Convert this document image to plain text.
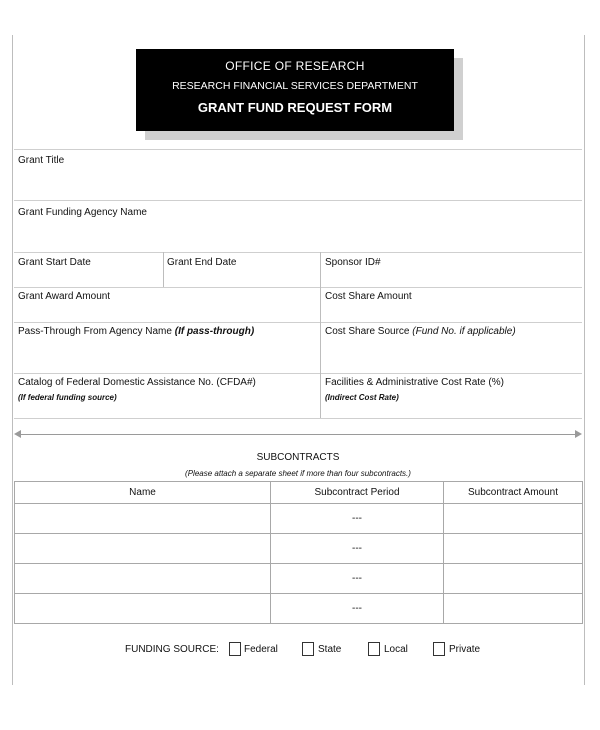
OFFICE OF RESEARCH
RESEARCH FINANCIAL SERVICES DEPARTMENT
GRANT FUND REQUEST FORM
Grant Title
Grant Funding Agency Name
Grant Start Date	Grant End Date	Sponsor ID#
Grant Award Amount	Cost Share Amount
Pass-Through From Agency Name (If pass-through)	Cost Share Source (Fund No. if applicable)
Catalog of Federal Domestic Assistance No. (CFDA#)
(If federal funding source)
Facilities & Administrative Cost Rate (%)
(Indirect Cost Rate)
SUBCONTRACTS
(Please attach a separate sheet if more than four subcontracts.)
Name	Subcontract Period	Subcontract Amount
	---	
	---	
	---	
	---	
FUNDING SOURCE:	Federal	State	Local	Private
